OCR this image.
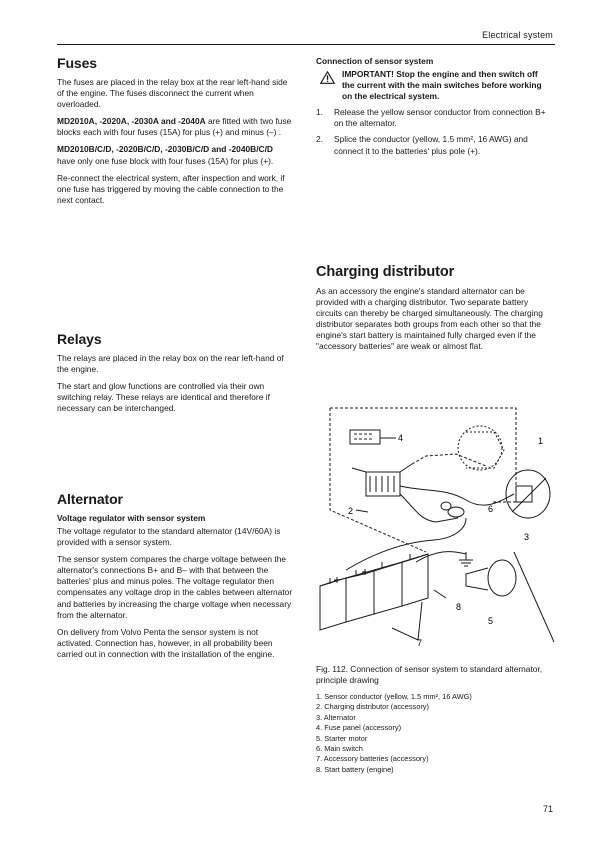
Electrical system
Fuses

The fuses are placed in the relay box at the rear left-hand side of the engine. The fuses disconnect the current when overloaded.

MD2010A, -2020A, -2030A and -2040A are fitted with two fuse blocks each with four fuses (15A) for plus (+) and minus (–) .

MD2010B/C/D, -2020B/C/D, -2030B/C/D and -2040B/C/D have only one fuse block with four fuses (15A) for plus (+).

Re-connect the electrical system, after inspection and work, if one fuse has triggered by moving the cable connection to the next contact.

Relays

The relays are placed in the relay box on the rear left-hand of the engine.

The start and glow functions are controlled via their own switching relay. These relays are identical and therefore if necessary can be interchanged.

Alternator
Voltage regulator with sensor system

The voltage regulator to the standard alternator (14V/60A) is provided with a sensor system.

The sensor system compares the charge voltage between the alternator's connections B+ and B– with that between the batteries' plus and minus poles. The voltage regulator then compensates any voltage drop in the cables between alternator and batteries by increasing the charge voltage when necessary from the alternator.

On delivery from Volvo Penta the sensor system is not activated. Connection has, however, in all probability been carried out in connection with the installation of the engine.

Connection of sensor system
IMPORTANT! Stop the engine and then switch off the current with the main switches before working on the electrical system.
1. Release the yellow sensor conductor from connection B+ on the alternator.
2. Splice the conductor (yellow, 1.5 mm², 16 AWG) and connect it to the batteries' plus pole (+).
Charging distributor

As an accessory the engine's standard alternator can be provided with a charging distributor. Two separate battery circuits can thereby be charged simultaneously. The charging distributor separates both groups from each other so that the engine's start battery is maintained fully charged even if the "accessory batteries" are weak or almost flat.

4	1
2	6
3
8
5
7
Fig. 112. Connection of sensor system to standard alternator, principle drawing
1. Sensor conductor (yellow, 1.5 mm², 16 AWG)
2. Charging distributor (accessory)
3. Alternator
4. Fuse panel (accessory)
5. Starter motor
6. Main switch
7. Accessory batteries (accessory)
8. Start battery (engine)
71
